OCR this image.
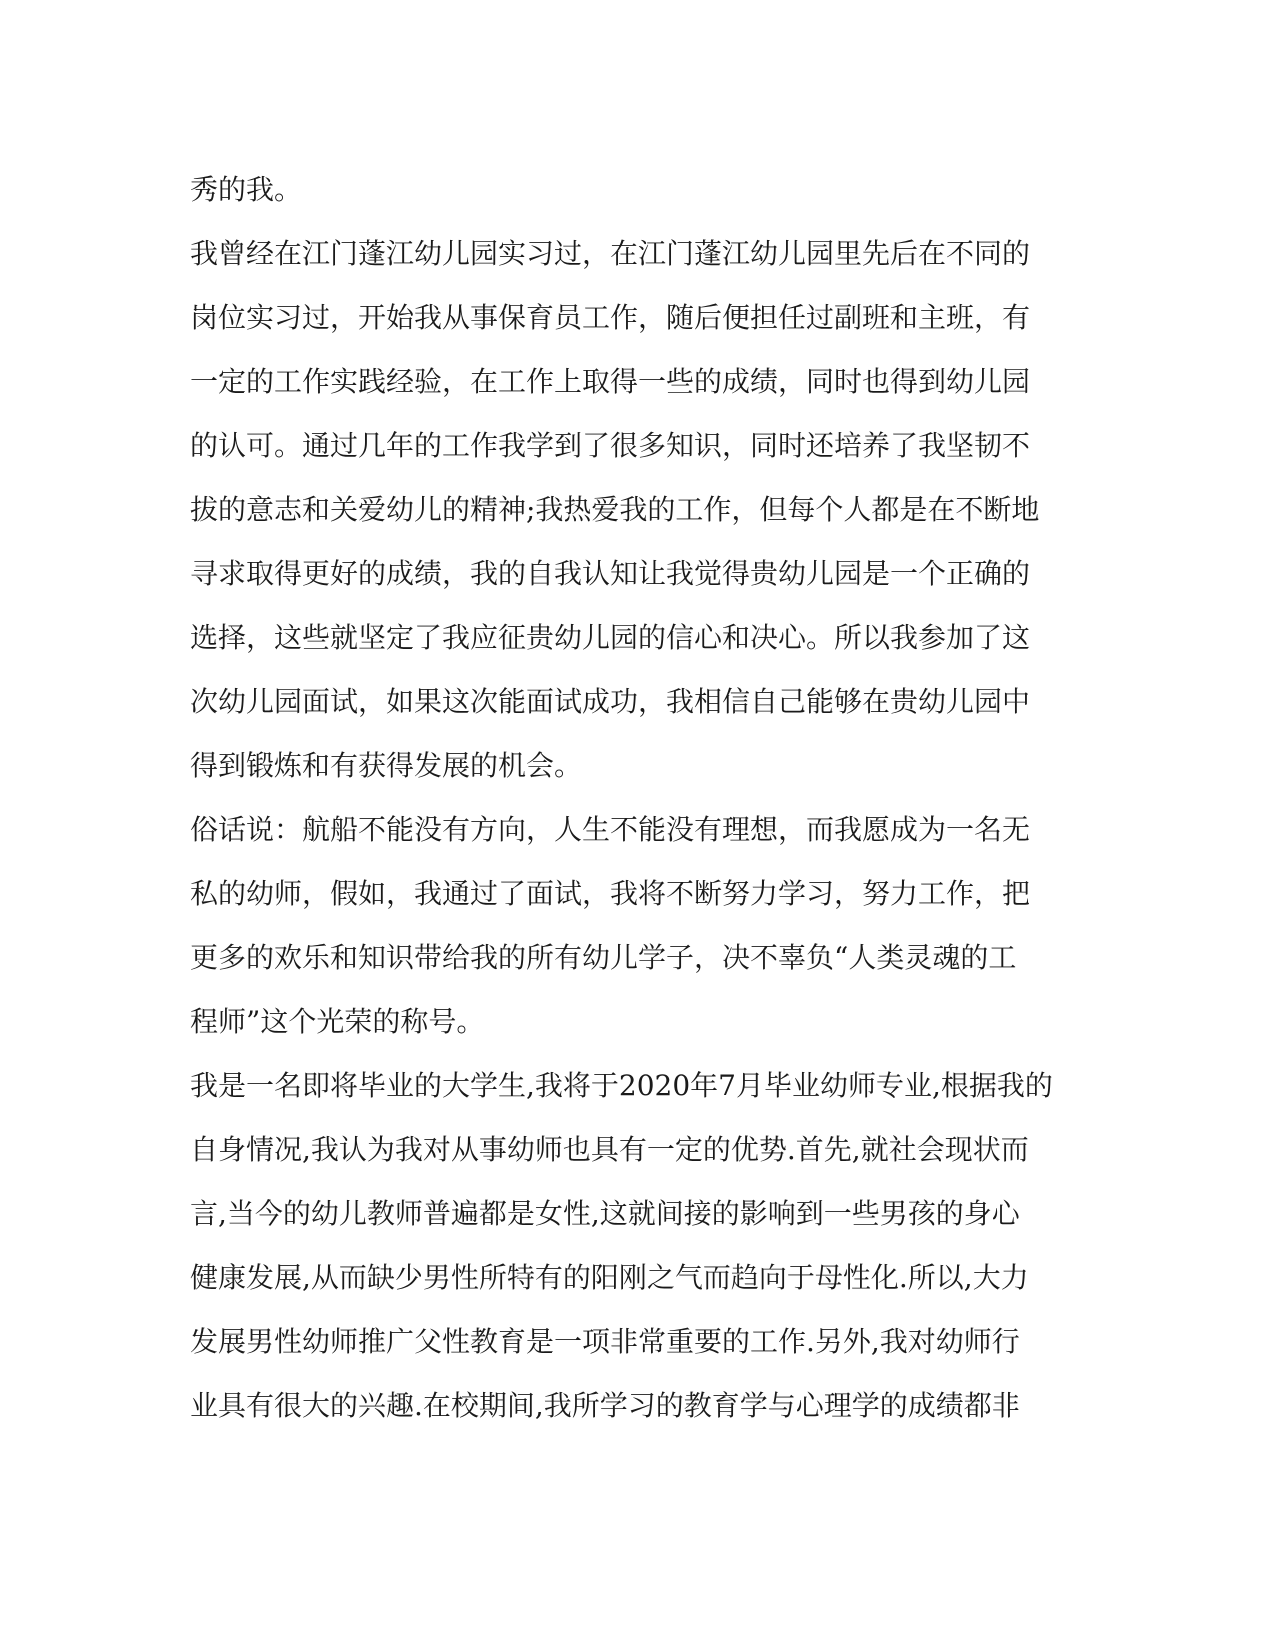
秀的我。
我曾经在江门蓬江幼儿园实习过，在江门蓬江幼儿园里先后在不同的
岗位实习过，开始我从事保育员工作，随后便担任过副班和主班，有
一定的工作实践经验，在工作上取得一些的成绩，同时也得到幼儿园
的认可。通过几年的工作我学到了很多知识，同时还培养了我坚韧不
拔的意志和关爱幼儿的精神;我热爱我的工作，但每个人都是在不断地
寻求取得更好的成绩，我的自我认知让我觉得贵幼儿园是一个正确的
选择，这些就坚定了我应征贵幼儿园的信心和决心。所以我参加了这
次幼儿园面试，如果这次能面试成功，我相信自己能够在贵幼儿园中
得到锻炼和有获得发展的机会。
俗话说：航船不能没有方向，人生不能没有理想，而我愿成为一名无
私的幼师，假如，我通过了面试，我将不断努力学习，努力工作，把
更多的欢乐和知识带给我的所有幼儿学子，决不辜负“人类灵魂的工
程师”这个光荣的称号。
我是一名即将毕业的大学生,我将于2020年7月毕业幼师专业,根据我的
自身情况,我认为我对从事幼师也具有一定的优势.首先,就社会现状而
言,当今的幼儿教师普遍都是女性,这就间接的影响到一些男孩的身心
健康发展,从而缺少男性所特有的阳刚之气而趋向于母性化.所以,大力
发展男性幼师推广父性教育是一项非常重要的工作.另外,我对幼师行
业具有很大的兴趣.在校期间,我所学习的教育学与心理学的成绩都非
